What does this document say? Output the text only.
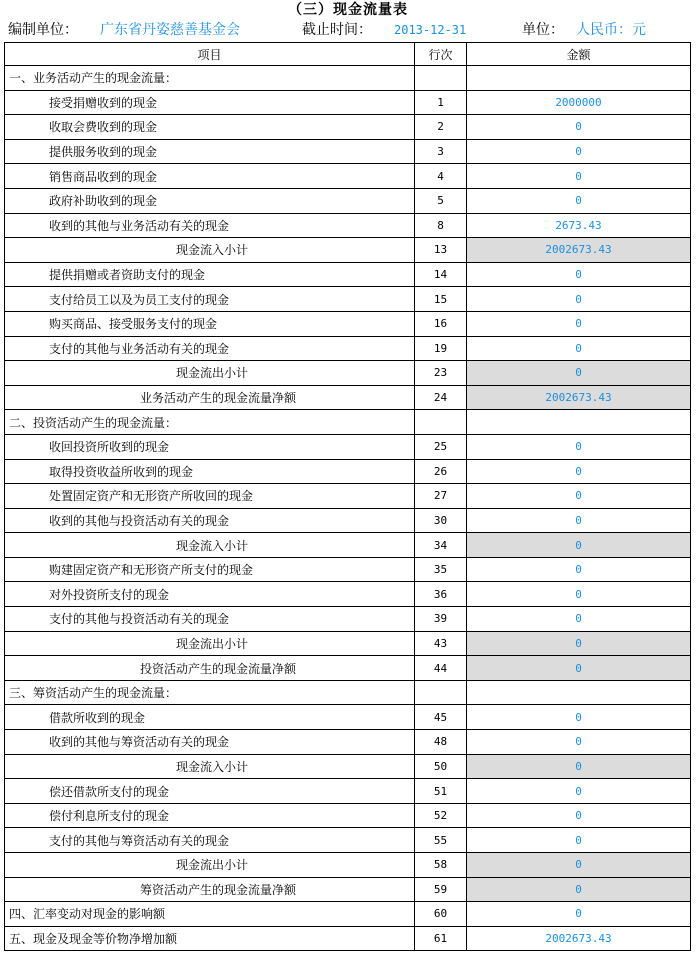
（三）现金流量表
编制单位： 广东省丹姿慈善基金会	截止时间： 2013-12-31	单位： 人民币：元
项目	行次	金额
一、业务活动产生的现金流量：		
接受捐赠收到的现金	1	2000000
收取会费收到的现金	2	0
提供服务收到的现金	3	0
销售商品收到的现金	4	0
政府补助收到的现金	5	0
收到的其他与业务活动有关的现金	8	2673.43
现金流入小计	13	2002673.43
提供捐赠或者资助支付的现金	14	0
支付给员工以及为员工支付的现金	15	0
购买商品、接受服务支付的现金	16	0
支付的其他与业务活动有关的现金	19	0
现金流出小计	23	0
业务活动产生的现金流量净额	24	2002673.43
二、投资活动产生的现金流量：		
收回投资所收到的现金	25	0
取得投资收益所收到的现金	26	0
处置固定资产和无形资产所收回的现金	27	0
收到的其他与投资活动有关的现金	30	0
现金流入小计	34	0
购建固定资产和无形资产所支付的现金	35	0
对外投资所支付的现金	36	0
支付的其他与投资活动有关的现金	39	0
现金流出小计	43	0
投资活动产生的现金流量净额	44	0
三、筹资活动产生的现金流量：		
借款所收到的现金	45	0
收到的其他与筹资活动有关的现金	48	0
现金流入小计	50	0
偿还借款所支付的现金	51	0
偿付利息所支付的现金	52	0
支付的其他与筹资活动有关的现金	55	0
现金流出小计	58	0
筹资活动产生的现金流量净额	59	0
四、汇率变动对现金的影响额	60	0
五、现金及现金等价物净增加额	61	2002673.43
